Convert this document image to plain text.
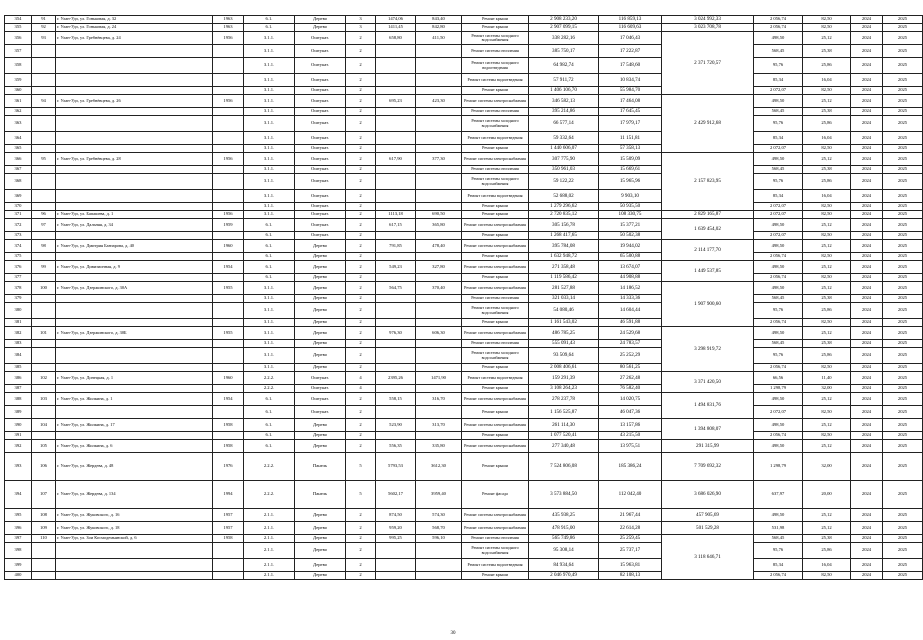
354	91	г. Улан-Удэ, ул. Гоньковая, д. 32	1963	6.1.	Дерево	3	1474,06	843,40	Ремонт крыши	2 908 233,20	116 859,13	3 024 992,33	2 056,74	82,50	2024	2025
355	92	г. Улан-Удэ, ул. Гоньковая, д. 24	1963	6.1.	Дерево	3	1411,45	842,80	Ремонт крыши	2 907 099,15	116 609,63	3 023 708,78	2 056,74	82,50	2024	2025
356	93	г. Улан-Удэ, ул. Гребнёвцева, д. 24	1956	3.1.1.	Оштукат.	2	658,80	411,50	Ремонт системы холодного водоснабжения	338 282,16	17 046,43	2 371 720,57	498,50	25,12	2024	2025
357				3.1.1.	Оштукат.	2			Ремонт системы отопления	385 750,17	17 222,87		568,45	25,38	2024	2025
358				3.1.1.	Оштукат.	2			Ремонт системы холодного водоотведения	64 982,74	17 548,60		95,76	25,86	2024	2025
359				3.1.1.	Оштукат.	2			Ремонт системы водоотведения	57 911,72	10 834,74		85,34	16,04	2024	2025
360				3.1.1.	Оштукат.	2			Ремонт крыши	1 406 106,70	55 984,70		2 072,07	82,50	2024	2025
361	94	г. Улан-Удэ, ул. Гребнёвцева, д. 26	1956	3.1.1.	Оштукат.	2	695,23	423,30	Ремонт системы электроснабжения	346 582,13	17 464,08	2 429 912,68	498,50	25,12	2024	2025
362				3.1.1.	Оштукат.	2			Ремонт системы отопления	395 214,86	17 645,45		568,45	25,38	2024	2025
363				3.1.1.	Оштукат.	2			Ремонт системы холодного водоснабжения	66 577,14	17 979,17		95,76	25,86	2024	2025
364				3.1.1.	Оштукат.	2			Ремонт системы водоотведения	59 332,64	11 151,81		85,34	16,04	2024	2025
365				3.1.1.	Оштукат.	2			Ремонт крыши	1 440 606,07	57 358,13		2 072,07	82,50	2024	2025
366	95	г. Улан-Удэ, ул. Гребнёвцева, д. 28	1956	3.1.1.	Оштукат.	2	617,90	377,30	Ремонт системы электроснабжения	307 775,90	15 509,09	2 157 823,95	498,50	25,12	2024	2025
367				3.1.1.	Оштукат.	2			Ремонт системы отопления	350 961,03	15 669,61		568,45	25,38	2024	2025
368				3.1.1.	Оштукат.	2			Ремонт системы холодного водоснабжения	59 122,22	15 965,96		95,76	25,86	2024	2025
369				3.1.1.	Оштукат.	2			Ремонт системы водоотведения	52 688,02	9 903,10		85,34	16,04	2024	2025
370				3.1.1.	Оштукат.	2			Ремонт крыши	1 279 296,62	50 935,50		2 072,07	82,50	2024	2025
371	96	г. Улан-Удэ, ул. Бапашева, д. 1	1956	3.1.1.	Оштукат.	2	1113,18	690,50	Ремонт крыши	2 720 835,12	108 330,75	2 829 165,87	2 072,07	82,50	2024	2025
372	97	г. Улан-Удэ, ул. Дальняя, д. 34	1959	6.1.	Оштукат.	2	617,15	365,80	Ремонт системы электроснабжения	305 156,78	15 377,21	1 639 454,02	498,50	25,12	2024	2025
373				6.1.	Оштукат.	2			Ремонт крыши	1 268 417,65	50 502,38		2 072,07	82,50	2024	2025
374	98	г. Улан-Удэ, ул. Дмитрия Банзарова, д. 40	1960	6.1.	Дерево	2	791,85	478,40	Ремонт системы электроснабжения	395 784,08	19 944,02	2 114 177,70	498,50	25,12	2024	2025
375				6.1.	Дерево	2			Ремонт крыши	1 632 948,72	65 500,88		2 056,74	82,50	2024	2025
376	99	г. Улан-Удэ, ул. Дивизионная, д. 9	1954	6.1.	Дерево	2	549,23	327,80	Ремонт системы электроснабжения	271 358,48	13 674,07	1 449 537,85	498,50	25,12	2024	2025
377				6.1.	Дерево	2			Ремонт крыши	1 119 586,42	44 908,88		2 056,74	82,50	2024	2025
378	100	г. Улан-Удэ, ул. Дзержинского, д. 30А	1955	3.1.1.	Дерево	2	564,75	370,40	Ремонт системы электроснабжения	281 527,88	14 186,52	1 907 900,60	498,50	25,12	2024	2025
379				3.1.1.	Дерево	2			Ремонт системы отопления	321 033,14	14 333,36		568,45	25,38	2024	2025
380				3.1.1.	Дерево	2			Ремонт системы холодного водоснабжения	54 080,46	14 604,44		95,76	25,86	2024	2025
381				3.1.1.	Дерево	2			Ремонт крыши	1 161 543,02	46 591,88		2 056,74	82,50	2024	2025
382	101	г. Улан-Удэ, ул. Дзержинского, д. 30Б	1955	3.1.1.	Дерево	2	976,30	606,30	Ремонт системы электроснабжения	486 785,25	24 529,68	3 298 919,72	498,50	25,12	2024	2025
383				3.1.1.	Дерево	2			Ремонт системы отопления	555 091,43	24 783,57		568,45	25,38	2024	2025
384				3.1.1.	Дерево	2			Ремонт системы холодного водоснабжения	93 509,64	25 252,29		95,76	25,86	2024	2025
385				3.1.1.	Дерево	2			Ремонт крыши	2 008 406,61	80 561,25		2 056,74	82,50	2024	2025
386	102	г. Улан-Удэ, ул. Донецкая, д. 1	1960	2.2.2.	Оштукат.	4	2395,26	1471,90	Ремонт системы водоотведения	159 291,39	27 262,48	3 371 420,50	66,56	11,40	2024	2025
387				2.2.2.	Оштукат.	4			Ремонт крыши	3 108 264,23	76 582,40		1 298,79	32,00	2024	2025
388	103	г. Улан-Удэ, ул. Жилкина, д. 1	1954	6.1.	Оштукат.	2	558,15	316,70	Ремонт системы электроснабжения	278 237,78	14 020,75	1 494 831,76	498,50	25,12	2024	2025
389				6.1.	Оштукат.	2			Ремонт крыши	1 156 525,87	46 047,36		2 072,07	82,50	2024	2025
390	104	г. Улан-Удэ, ул. Жилкина, д. 17	1958	6.1.	Дерево	2	523,90	313,70	Ремонт системы электроснабжения	261 114,30	13 157,86	1 394 808,07	498,50	25,12	2024	2025
391				6.1.	Дерево	2			Ремонт крыши	1 077 520,41	43 215,50		2 056,74	82,50	2024	2025
392	105	г. Улан-Удэ, ул. Жилкина, д. 6	1958	6.1.	Дерево	2	556,35	335,80	Ремонт системы электроснабжения	277 340,48	13 975,51	291 315,99	498,50	25,12	2024	2025
393	106	г. Улан-Удэ, ул. Жердева, д. 48	1976	2.2.2.	Панель	5	5793,53	3612,30	Ремонт крыши	7 524 806,08	185 386,24	7 709 692,32	1 298,79	32,00	2024	2025
394	107	г. Улан-Удэ, ул. Жердева, д. 134	1994	2.2.2.	Панель	5	5602,17	3959,40	Ремонт фасада	3 573 884,50	112 042,40	3 686 026,90	637,97	20,00	2024	2025
395	108	г. Улан-Удэ, ул. Жуковского, д. 16	1957	2.1.1.	Дерево	2	874,50	574,30	Ремонт системы электроснабжения	435 938,25	21 967,44	457 905,69	498,50	25,12	2024	2025
396	109	г. Улан-Удэ, ул. Жуковского, д. 18	1957	2.1.1.	Дерево	2	959,20	568,70	Ремонт системы электроснабжения	478 915,00	22 614,28	501 529,28	531,98	25,12	2024	2025
397	110	г. Улан-Удэ, ул. Зои Космодемьянской, д. 6	1958	2.1.1.	Дерево	2	995,25	596,10	Ремонт системы отопления	565 749,86	25 259,45	3 118 646,71	568,45	25,38	2024	2025
398				2.1.1.	Дерево	2			Ремонт системы холодного водоснабжения	95 308,14	25 737,17		95,76	25,86	2024	2025
399				2.1.1.	Дерево	2			Ремонт системы водоотведения	84 934,64	15 963,81		85,34	16,04	2024	2025
400				2.1.1.	Дерево	2			Ремонт крыши	2 046 970,49	82 108,13		2 056,74	82,50	2024	2025
30
